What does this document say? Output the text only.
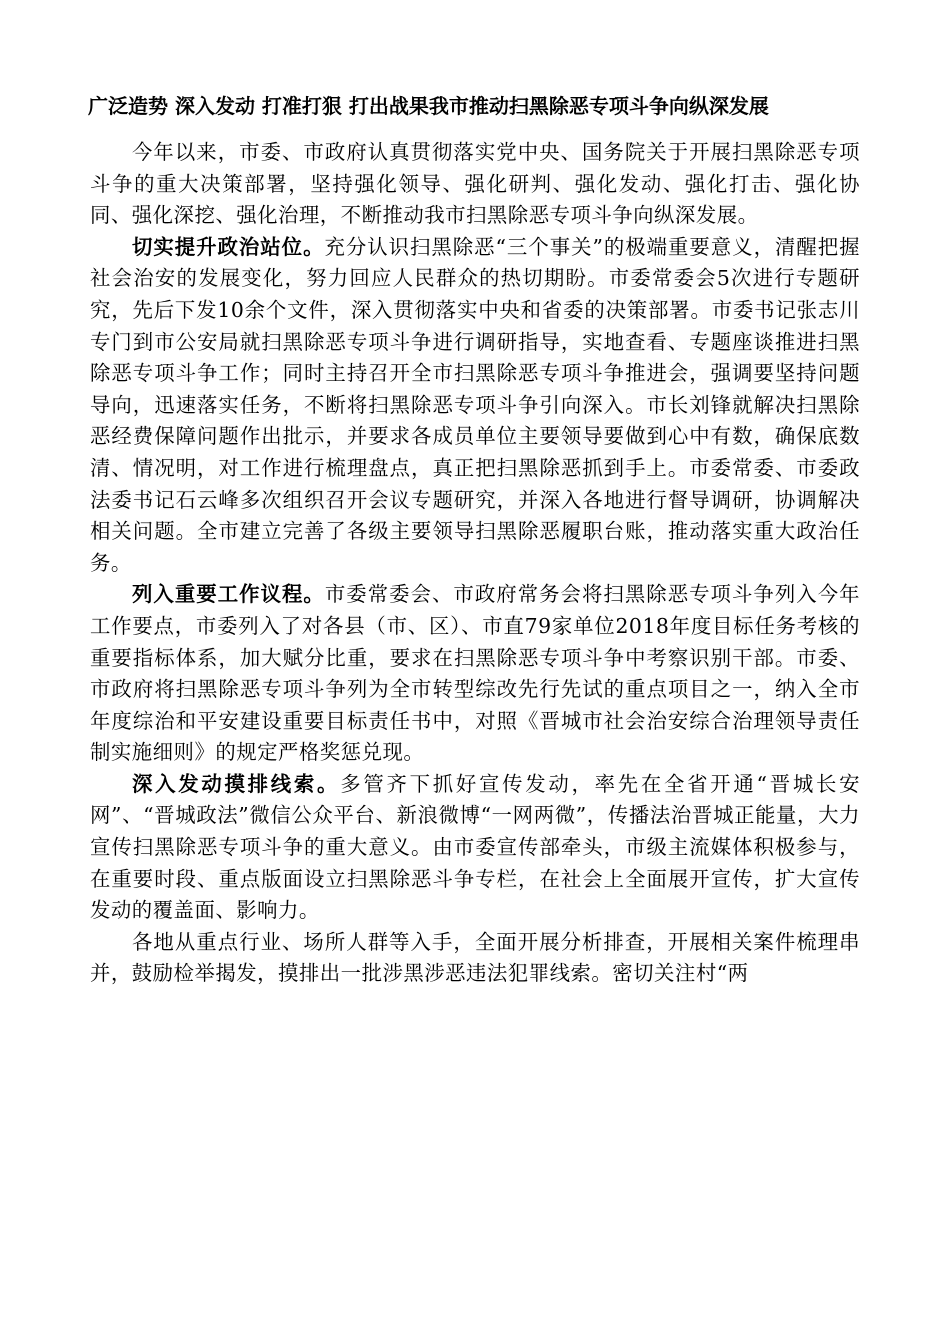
广泛造势 深入发动 打准打狠 打出战果我市推动扫黑除恶专项斗争向纵深发展

今年以来，市委、市政府认真贯彻落实党中央、国务院关于开展扫黑除恶专项斗争的重大决策部署，坚持强化领导、强化研判、强化发动、强化打击、强化协同、强化深挖、强化治理，不断推动我市扫黑除恶专项斗争向纵深发展。

切实提升政治站位。充分认识扫黑除恶“三个事关”的极端重要意义，清醒把握社会治安的发展变化，努力回应人民群众的热切期盼。市委常委会5次进行专题研究，先后下发10余个文件，深入贯彻落实中央和省委的决策部署。市委书记张志川专门到市公安局就扫黑除恶专项斗争进行调研指导，实地查看、专题座谈推进扫黑除恶专项斗争工作；同时主持召开全市扫黑除恶专项斗争推进会，强调要坚持问题导向，迅速落实任务，不断将扫黑除恶专项斗争引向深入。市长刘锋就解决扫黑除恶经费保障问题作出批示，并要求各成员单位主要领导要做到心中有数，确保底数清、情况明，对工作进行梳理盘点，真正把扫黑除恶抓到手上。市委常委、市委政法委书记石云峰多次组织召开会议专题研究，并深入各地进行督导调研，协调解决相关问题。全市建立完善了各级主要领导扫黑除恶履职台账，推动落实重大政治任务。

列入重要工作议程。市委常委会、市政府常务会将扫黑除恶专项斗争列入今年工作要点，市委列入了对各县（市、区）、市直79家单位2018年度目标任务考核的重要指标体系，加大赋分比重，要求在扫黑除恶专项斗争中考察识别干部。市委、市政府将扫黑除恶专项斗争列为全市转型综改先行先试的重点项目之一，纳入全市年度综治和平安建设重要目标责任书中，对照《晋城市社会治安综合治理领导责任制实施细则》的规定严格奖惩兑现。

深入发动摸排线索。多管齐下抓好宣传发动，率先在全省开通“晋城长安网”、“晋城政法”微信公众平台、新浪微博“一网两微”，传播法治晋城正能量，大力宣传扫黑除恶专项斗争的重大意义。由市委宣传部牵头，市级主流媒体积极参与，在重要时段、重点版面设立扫黑除恶斗争专栏，在社会上全面展开宣传，扩大宣传发动的覆盖面、影响力。

各地从重点行业、场所人群等入手，全面开展分析排查，开展相关案件梳理串并，鼓励检举揭发，摸排出一批涉黑涉恶违法犯罪线索。密切关注村“两
